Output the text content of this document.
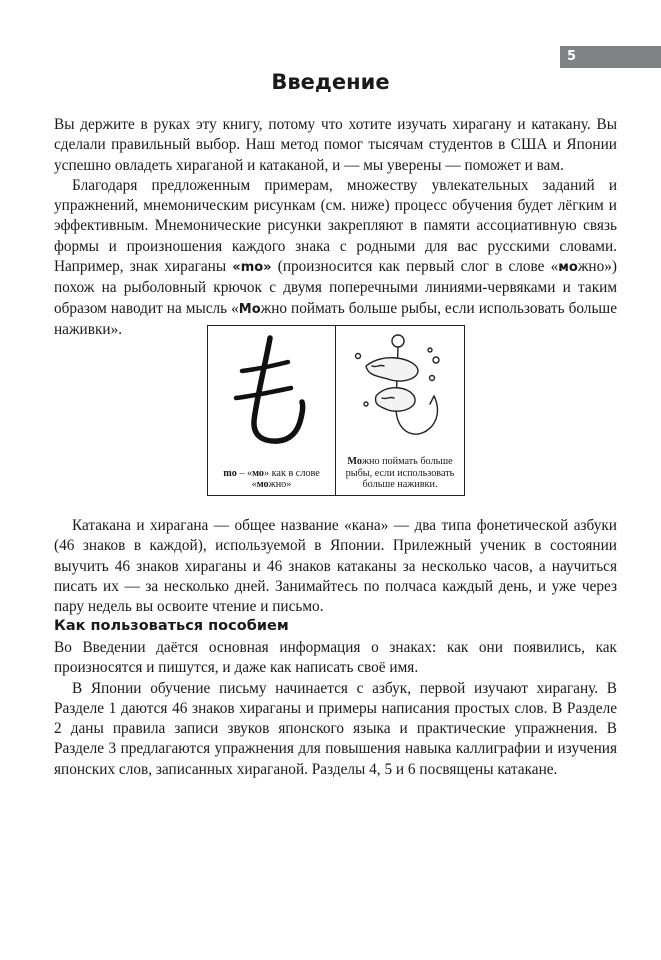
5
Введение

Вы держите в руках эту книгу, потому что хотите изучать хирагану и катакану. Вы сделали правильный выбор. Наш метод помог тысячам студентов в США и Японии успешно овладеть хираганой и катаканой, и — мы уверены — поможет и вам.

Благодаря предложенным примерам, множеству увлекательных заданий и упражнений, мнемоническим рисункам (см. ниже) процесс обучения будет лёгким и эффективным. Мнемонические рисунки закрепляют в памяти ассоциативную связь формы и произношения каждого знака с родными для вас русскими словами. Например, знак хираганы «mo» (произносится как первый слог в слове «можно») похож на рыболовный крючок с двумя поперечными линиями-червяками и таким образом наводит на мысль «Можно поймать больше рыбы, если использовать больше наживки».

mo – «мо» как в слове «можно»
Можно поймать больше рыбы, если использовать больше наживки.

Катакана и хирагана — общее название «кана» — два типа фонетической азбуки (46 знаков в каждой), используемой в Японии. Прилежный ученик в состоянии выучить 46 знаков хираганы и 46 знаков катаканы за несколько часов, а научиться писать их — за несколько дней. Занимайтесь по полчаса каждый день, и уже через пару недель вы освоите чтение и письмо.

Как пользоваться пособием

Во Введении даётся основная информация о знаках: как они появились, как произносятся и пишутся, и даже как написать своё имя.

В Японии обучение письму начинается с азбук, первой изучают хирагану. В Разделе 1 даются 46 знаков хираганы и примеры написания простых слов. В Разделе 2 даны правила записи звуков японского языка и практические упражнения. В Разделе 3 предлагаются упражнения для повышения навыка каллиграфии и изучения японских слов, записанных хираганой. Разделы 4, 5 и 6 посвящены катакане.
